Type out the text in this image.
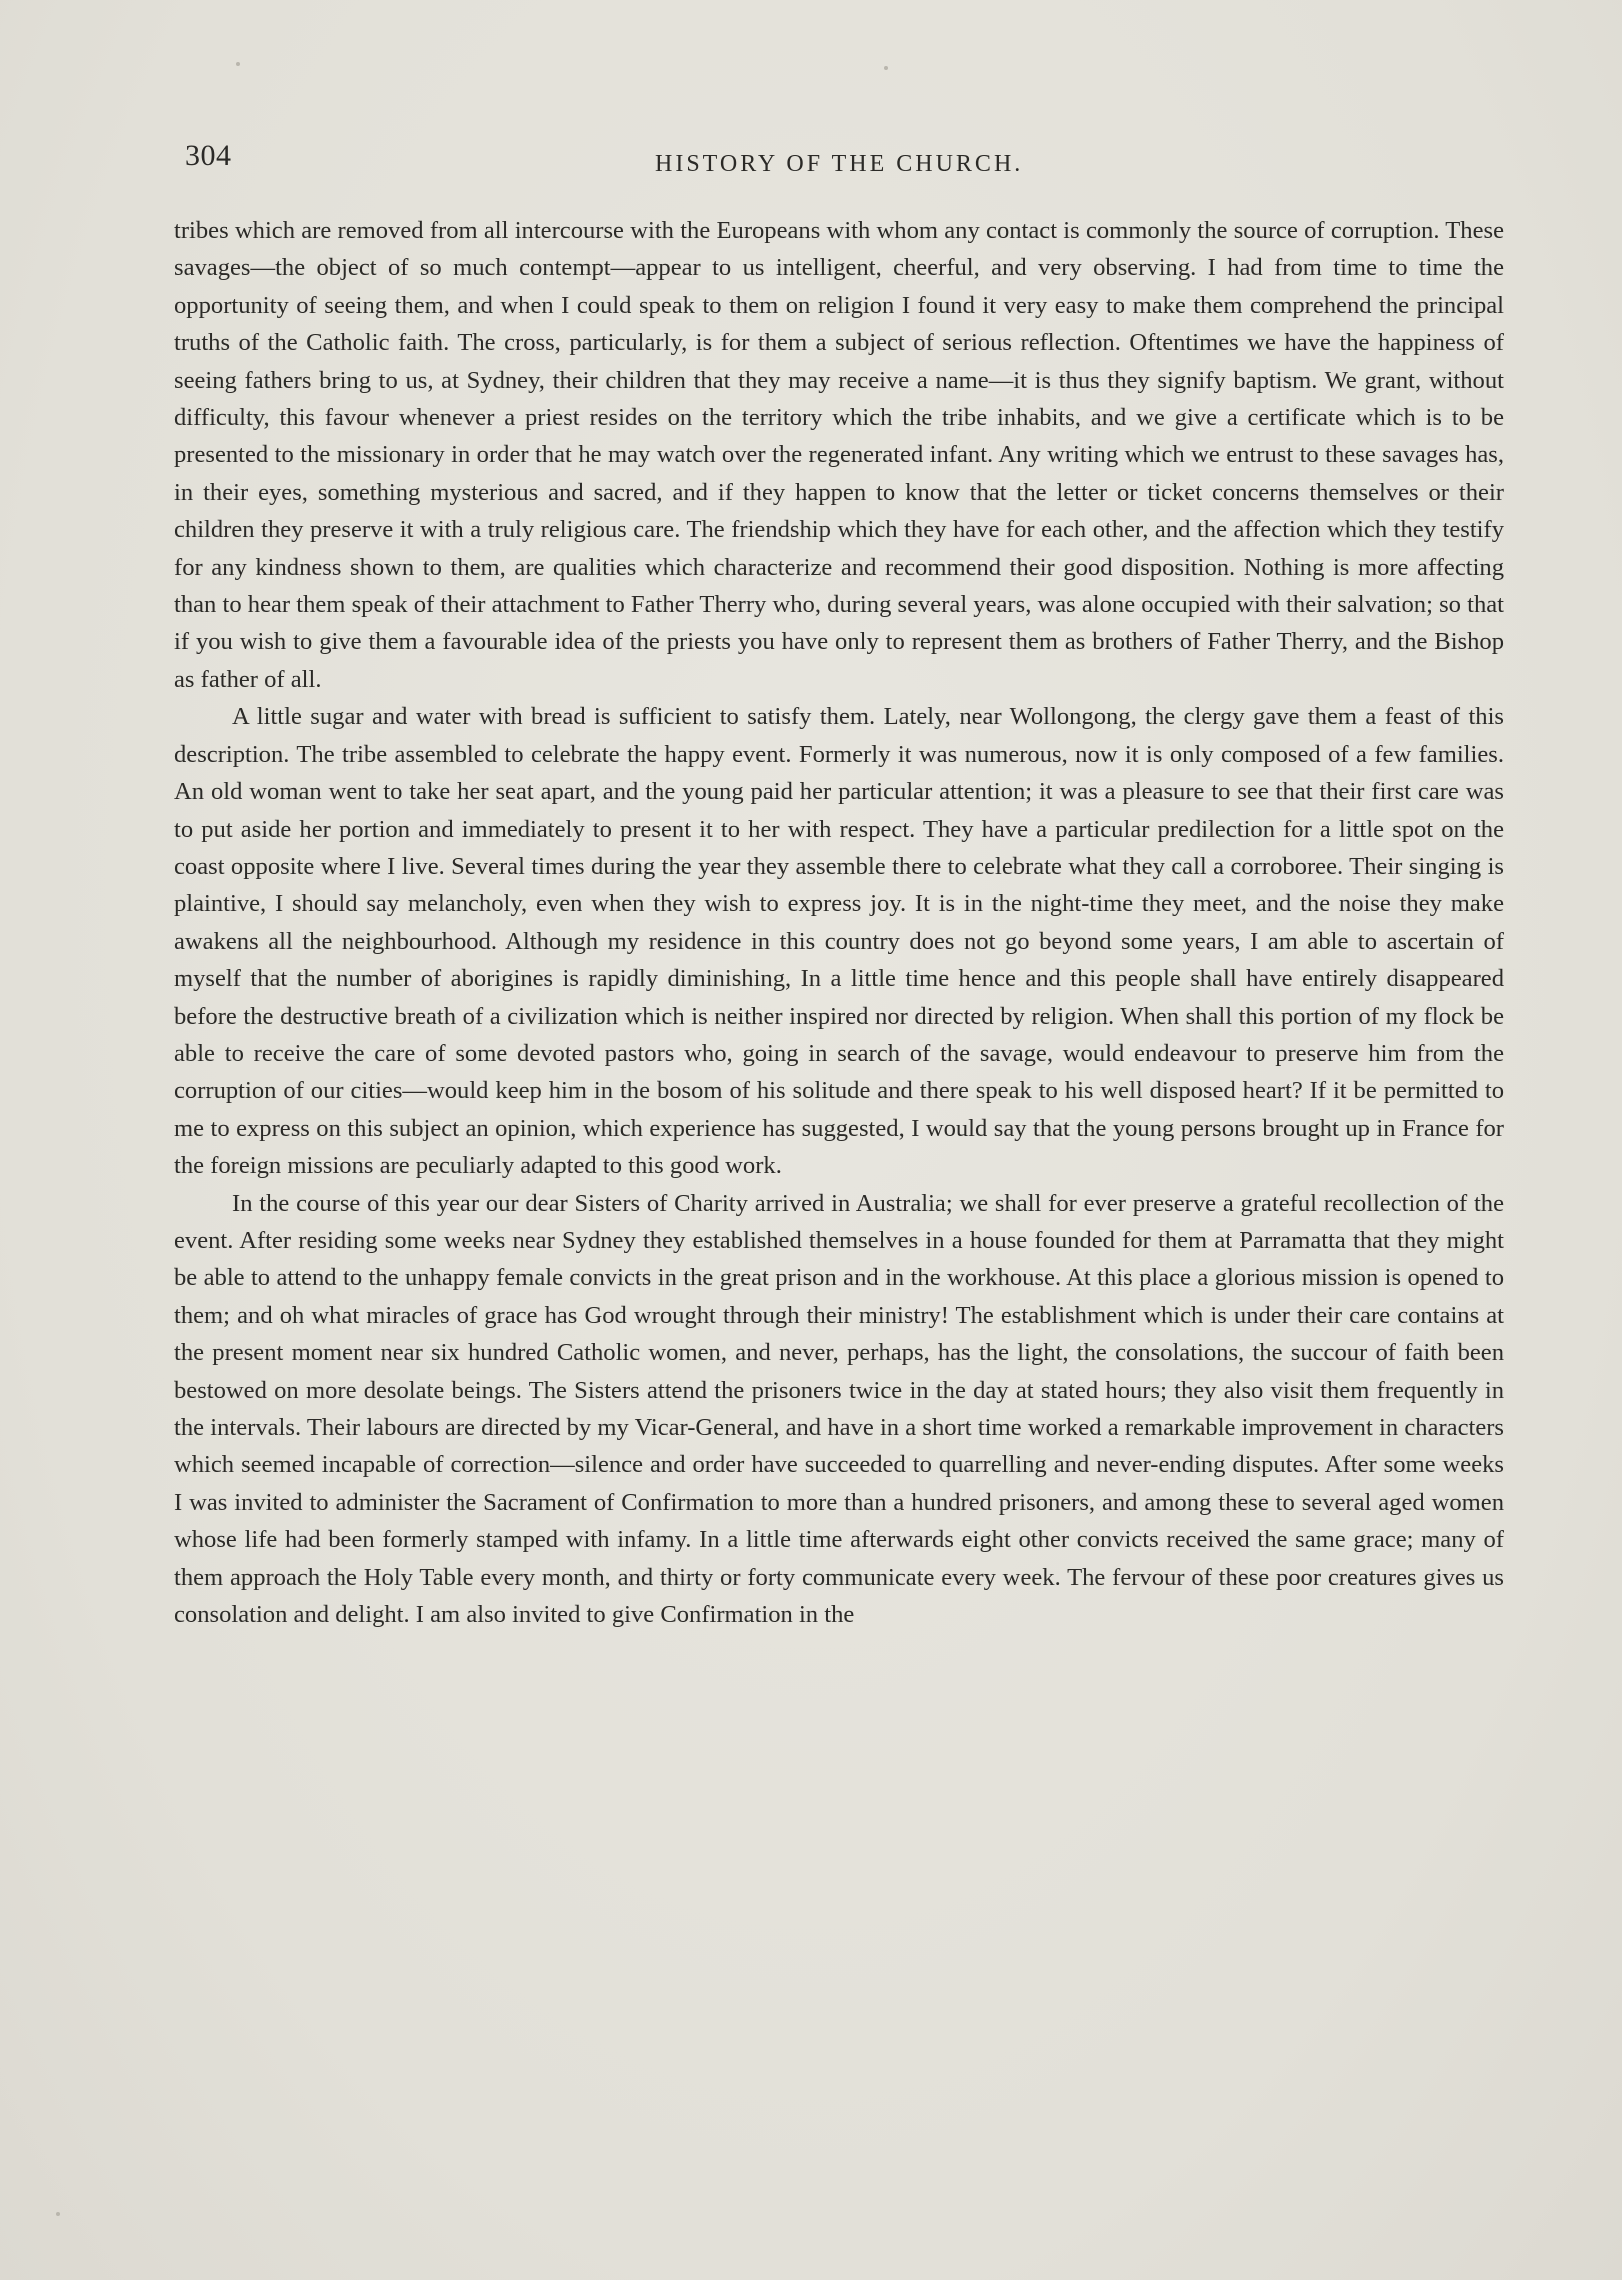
304	HISTORY OF THE CHURCH.

tribes which are removed from all intercourse with the Europeans with whom any contact is commonly the source of corruption. These savages—the object of so much contempt—appear to us intelligent, cheerful, and very observing. I had from time to time the opportunity of seeing them, and when I could speak to them on religion I found it very easy to make them comprehend the principal truths of the Catholic faith. The cross, particularly, is for them a subject of serious reflection. Oftentimes we have the happiness of seeing fathers bring to us, at Sydney, their children that they may receive a name—it is thus they signify baptism. We grant, without difficulty, this favour whenever a priest resides on the territory which the tribe inhabits, and we give a certificate which is to be presented to the missionary in order that he may watch over the regenerated infant. Any writing which we entrust to these savages has, in their eyes, something mysterious and sacred, and if they happen to know that the letter or ticket concerns themselves or their children they preserve it with a truly religious care. The friendship which they have for each other, and the affection which they testify for any kindness shown to them, are qualities which characterize and recommend their good disposition. Nothing is more affecting than to hear them speak of their attachment to Father Therry who, during several years, was alone occupied with their salvation; so that if you wish to give them a favourable idea of the priests you have only to represent them as brothers of Father Therry, and the Bishop as father of all.

A little sugar and water with bread is sufficient to satisfy them. Lately, near Wollongong, the clergy gave them a feast of this description. The tribe assembled to celebrate the happy event. Formerly it was numerous, now it is only composed of a few families. An old woman went to take her seat apart, and the young paid her particular attention; it was a pleasure to see that their first care was to put aside her portion and immediately to present it to her with respect. They have a particular predilection for a little spot on the coast opposite where I live. Several times during the year they assemble there to celebrate what they call a corroboree. Their singing is plaintive, I should say melancholy, even when they wish to express joy. It is in the night-time they meet, and the noise they make awakens all the neighbourhood. Although my residence in this country does not go beyond some years, I am able to ascertain of myself that the number of aborigines is rapidly diminishing, In a little time hence and this people shall have entirely disappeared before the destructive breath of a civilization which is neither inspired nor directed by religion. When shall this portion of my flock be able to receive the care of some devoted pastors who, going in search of the savage, would endeavour to preserve him from the corruption of our cities—would keep him in the bosom of his solitude and there speak to his well disposed heart? If it be permitted to me to express on this subject an opinion, which experience has suggested, I would say that the young persons brought up in France for the foreign missions are peculiarly adapted to this good work.

In the course of this year our dear Sisters of Charity arrived in Australia; we shall for ever preserve a grateful recollection of the event. After residing some weeks near Sydney they established themselves in a house founded for them at Parramatta that they might be able to attend to the unhappy female convicts in the great prison and in the workhouse. At this place a glorious mission is opened to them; and oh what miracles of grace has God wrought through their ministry! The establishment which is under their care contains at the present moment near six hundred Catholic women, and never, perhaps, has the light, the consolations, the succour of faith been bestowed on more desolate beings. The Sisters attend the prisoners twice in the day at stated hours; they also visit them frequently in the intervals. Their labours are directed by my Vicar-General, and have in a short time worked a remarkable improvement in characters which seemed incapable of correction—silence and order have succeeded to quarrelling and never-ending disputes. After some weeks I was invited to administer the Sacrament of Confirmation to more than a hundred prisoners, and among these to several aged women whose life had been formerly stamped with infamy. In a little time afterwards eight other convicts received the same grace; many of them approach the Holy Table every month, and thirty or forty communicate every week. The fervour of these poor creatures gives us consolation and delight. I am also invited to give Confirmation in the
